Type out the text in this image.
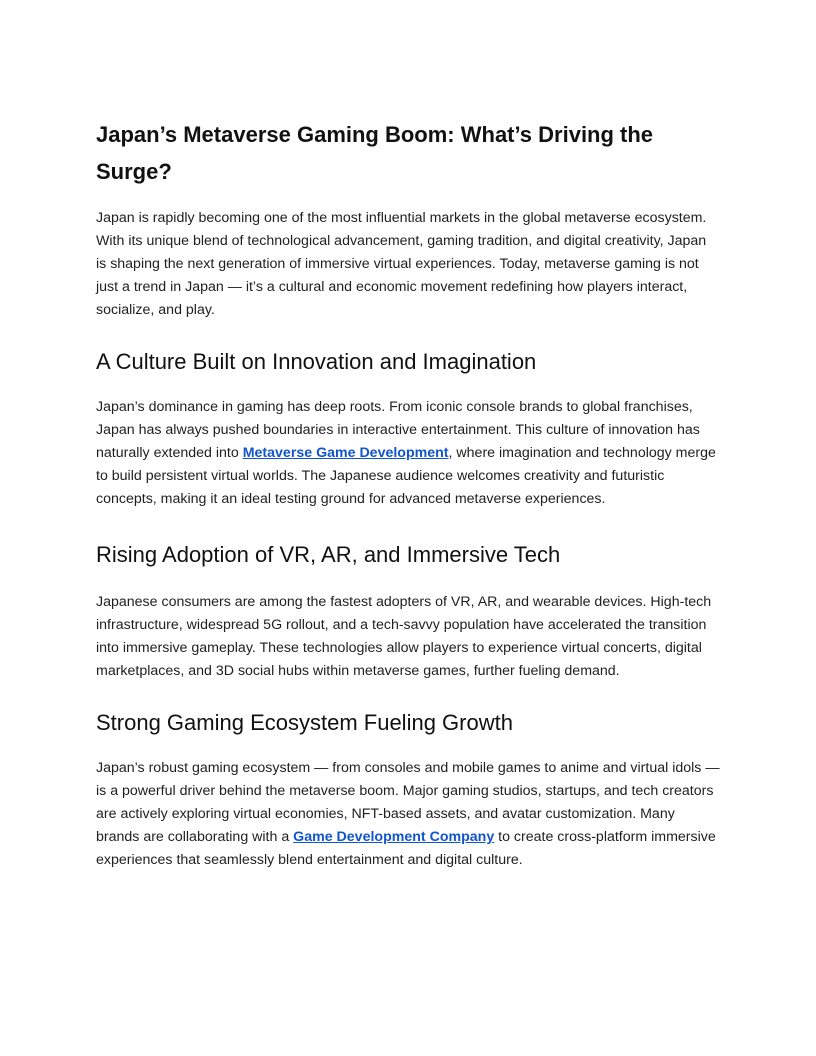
Japan’s Metaverse Gaming Boom: What’s Driving the Surge?

Japan is rapidly becoming one of the most influential markets in the global metaverse ecosystem. With its unique blend of technological advancement, gaming tradition, and digital creativity, Japan is shaping the next generation of immersive virtual experiences. Today, metaverse gaming is not just a trend in Japan — it’s a cultural and economic movement redefining how players interact, socialize, and play.

A Culture Built on Innovation and Imagination

Japan’s dominance in gaming has deep roots. From iconic console brands to global franchises, Japan has always pushed boundaries in interactive entertainment. This culture of innovation has naturally extended into Metaverse Game Development, where imagination and technology merge to build persistent virtual worlds. The Japanese audience welcomes creativity and futuristic concepts, making it an ideal testing ground for advanced metaverse experiences.

Rising Adoption of VR, AR, and Immersive Tech

Japanese consumers are among the fastest adopters of VR, AR, and wearable devices. High-tech infrastructure, widespread 5G rollout, and a tech-savvy population have accelerated the transition into immersive gameplay. These technologies allow players to experience virtual concerts, digital marketplaces, and 3D social hubs within metaverse games, further fueling demand.

Strong Gaming Ecosystem Fueling Growth

Japan’s robust gaming ecosystem — from consoles and mobile games to anime and virtual idols — is a powerful driver behind the metaverse boom. Major gaming studios, startups, and tech creators are actively exploring virtual economies, NFT-based assets, and avatar customization. Many brands are collaborating with a Game Development Company to create cross-platform immersive experiences that seamlessly blend entertainment and digital culture.
